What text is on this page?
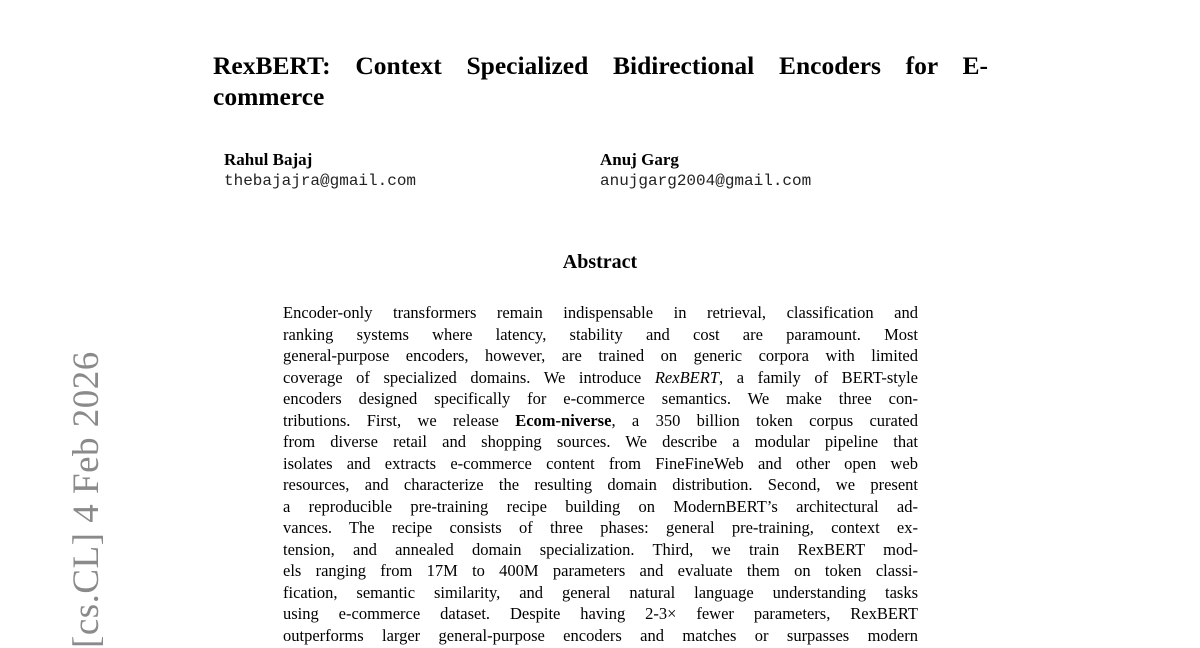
RexBERT: Context Specialized Bidirectional Encoders for E-commerce
Rahul Bajaj
thebajajra@gmail.com
Anuj Garg
anujgarg2004@gmail.com
Abstract
Encoder-only transformers remain indispensable in retrieval, classification and
ranking systems where latency, stability and cost are paramount. Most
general-purpose encoders, however, are trained on generic corpora with limited
coverage of specialized domains. We introduce RexBERT, a family of BERT-style
encoders designed specifically for e-commerce semantics. We make three con-
tributions. First, we release Ecom-niverse, a 350 billion token corpus curated
from diverse retail and shopping sources. We describe a modular pipeline that
isolates and extracts e-commerce content from FineFineWeb and other open web
resources, and characterize the resulting domain distribution. Second, we present
a reproducible pre-training recipe building on ModernBERT’s architectural ad-
vances. The recipe consists of three phases: general pre-training, context ex-
tension, and annealed domain specialization. Third, we train RexBERT mod-
els ranging from 17M to 400M parameters and evaluate them on token classi-
fication, semantic similarity, and general natural language understanding tasks
using e-commerce dataset. Despite having 2-3× fewer parameters, RexBERT
outperforms larger general-purpose encoders and matches or surpasses modern
[cs.CL] 4 Feb 2026
